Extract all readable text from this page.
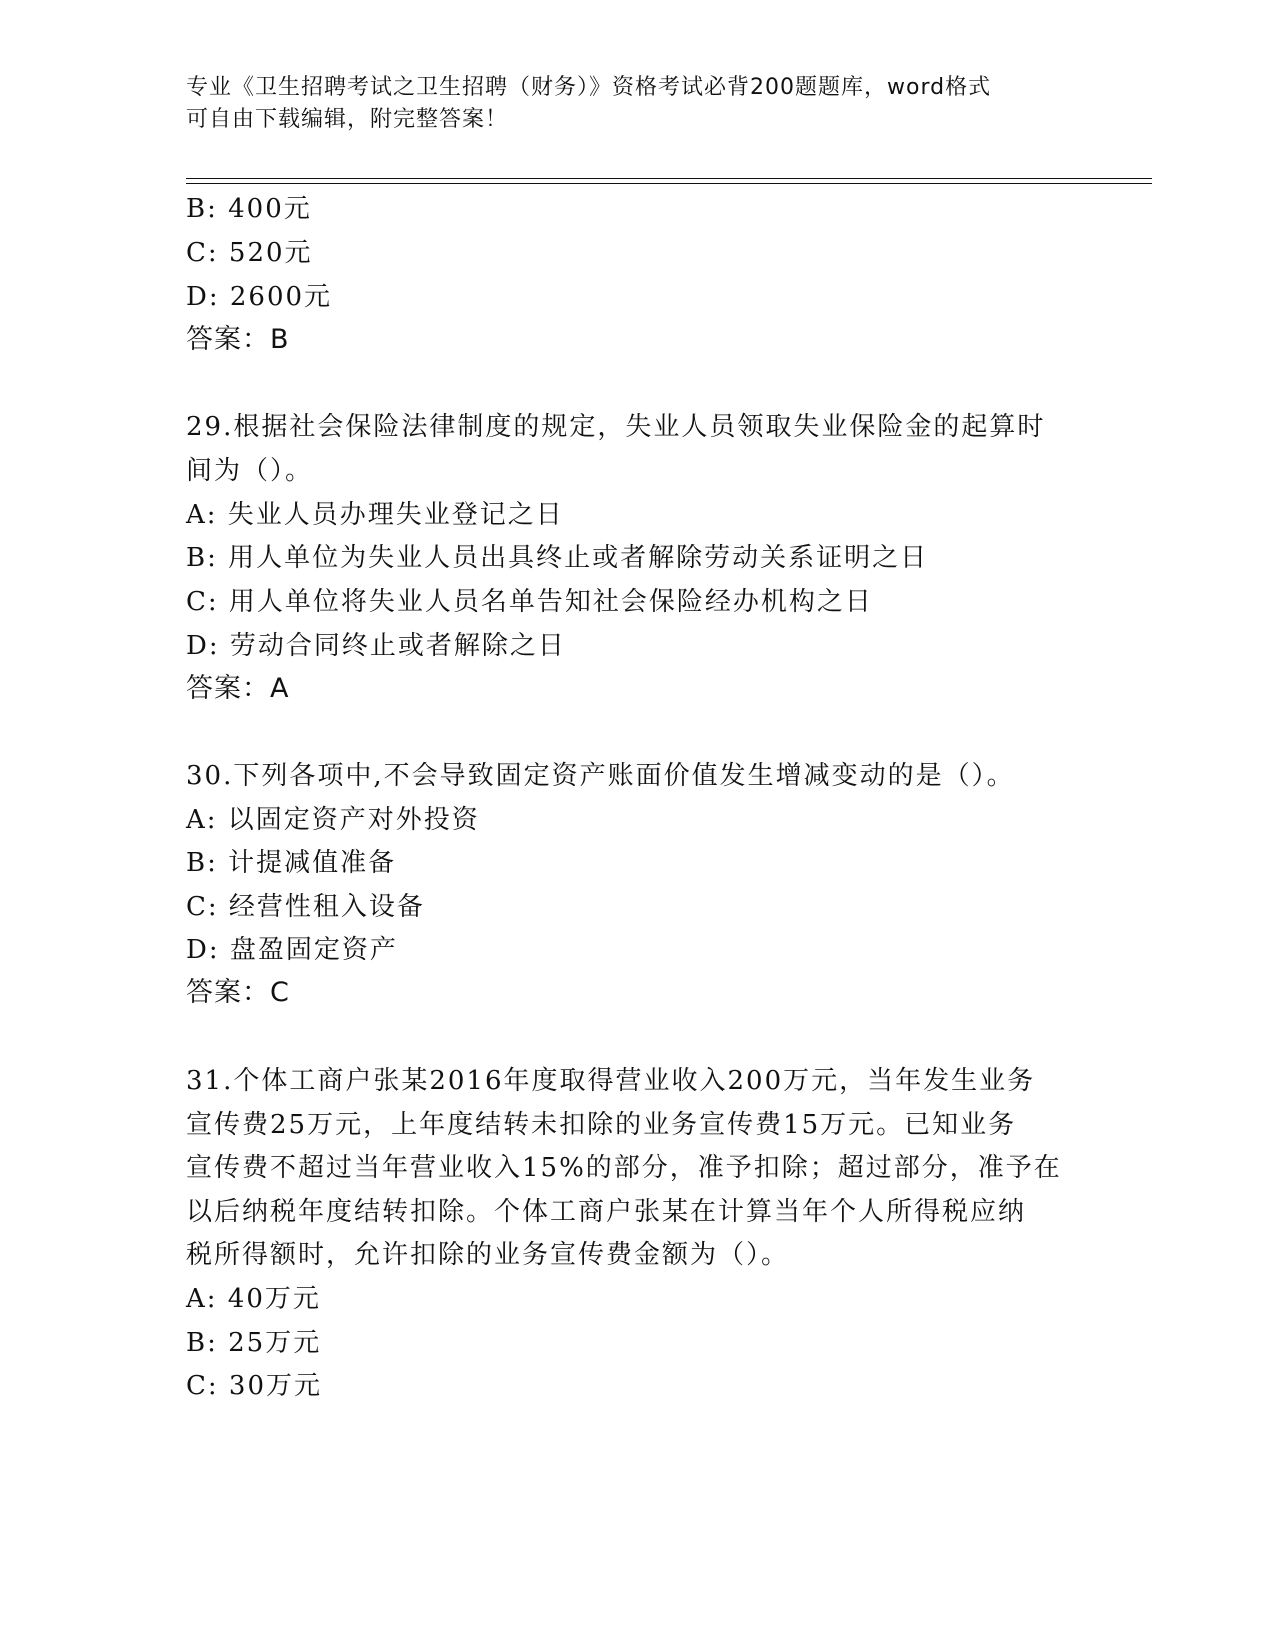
专业《卫生招聘考试之卫生招聘（财务）》资格考试必背200题题库，word格式
可自由下载编辑，附完整答案！
B: 400元
C: 520元
D: 2600元
答案：B
29.根据社会保险法律制度的规定，失业人员领取失业保险金的起算时
间为（）。
A: 失业人员办理失业登记之日
B: 用人单位为失业人员出具终止或者解除劳动关系证明之日
C: 用人单位将失业人员名单告知社会保险经办机构之日
D: 劳动合同终止或者解除之日
答案：A
30.下列各项中,不会导致固定资产账面价值发生增减变动的是（）。
A: 以固定资产对外投资
B: 计提减值准备
C: 经营性租入设备
D: 盘盈固定资产
答案：C
31.个体工商户张某2016年度取得营业收入200万元，当年发生业务
宣传费25万元，上年度结转未扣除的业务宣传费15万元。已知业务
宣传费不超过当年营业收入15%的部分，准予扣除；超过部分，准予在
以后纳税年度结转扣除。个体工商户张某在计算当年个人所得税应纳
税所得额时，允许扣除的业务宣传费金额为（）。
A: 40万元
B: 25万元
C: 30万元
